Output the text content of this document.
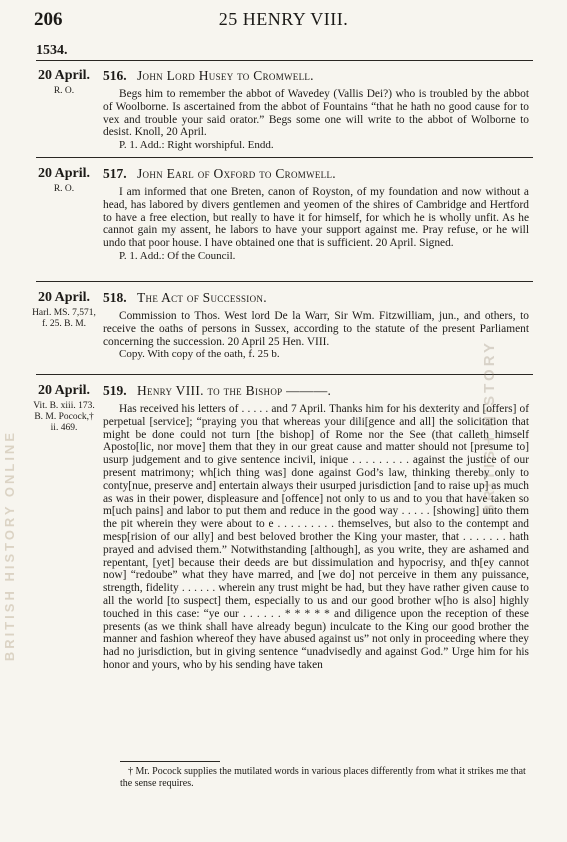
206	25 HENRY VIII.
1534.
20 April.
R. O.
516. John Lord Husey to Cromwell.

Begs him to remember the abbot of Wavedey (Vallis Dei?) who is troubled by the abbot of Woolborne. Is ascertained from the abbot of Fountains “that he hath no good cause for to vex and trouble your said orator.” Begs some one will write to the abbot of Wolborne to desist. Knoll, 20 April.

P. 1. Add.: Right worshipful. Endd.

20 April.
R. O.
517. John Earl of Oxford to Cromwell.

I am informed that one Breten, canon of Royston, of my foundation and now without a head, has labored by divers gentlemen and yeomen of the shires of Cambridge and Hertford to have a free election, but really to have it for himself, for which he is wholly unfit. As he cannot gain my assent, he labors to have your support against me. Pray refuse, or he will undo that poor house. I have obtained one that is sufficient. 20 April. Signed.

P. 1. Add.: Of the Council.

20 April.
Harl. MS. 7,571, f. 25. B. M.
518. The Act of Succession.

Commission to Thos. West lord De la Warr, Sir Wm. Fitzwilliam, jun., and others, to receive the oaths of persons in Sussex, according to the statute of the present Parliament concerning the succession. 20 April 25 Hen. VIII.

Copy. With copy of the oath, f. 25 b.

20 April.
Vit. B. xiii. 173. B. M. Pocock,† ii. 469.
519. Henry VIII. to the Bishop ———.

Has received his letters of . . . . . and 7 April. Thanks him for his dexterity and [offers] of perpetual [service]; “praying you that whereas your dili[gence and all] the solicitation that might be done could not turn [the bishop] of Rome nor the See (that calleth himself Aposto[lic, nor move] them that they in our great cause and matter should not [presume to] usurp judgement and to give sentence incivil, inique . . . . . . . . . against the justice of our present matrimony; wh[ich thing was] done against God’s law, thinking thereby only to conty[nue, preserve and] entertain always their usurped jurisdiction [and to raise up] as much as was in their power, displeasure and [offence] not only to us and to you that have taken so m[uch pains] and labor to put them and reduce in the good way . . . . . [showing] unto them the pit wherein they were about to e . . . . . . . . . themselves, but also to the contempt and mesp[rision of our ally] and best beloved brother the King your master, that . . . . . . . hath prayed and advised them.” Notwithstanding [although], as you write, they are ashamed and repentant, [yet] because their deeds are but dissimulation and hypocrisy, and th[ey cannot now] “redoube” what they have marred, and [we do] not perceive in them any puissance, strength, fidelity . . . . . . wherein any trust might be had, but they have rather given cause to all the world [to suspect] them, especially to us and our good brother w[ho is also] highly touched in this case: “ye our . . . . . . * * * * * and diligence upon the reception of these presents (as we think shall have already begun) inculcate to the King our good brother the manner and fashion whereof they have abused against us” not only in proceeding where they had no jurisdiction, but in giving sentence “unadvisedly and against God.” Urge him for his honor and yours, who by his sending have taken

† Mr. Pocock supplies the mutilated words in various places differently from what it strikes me that the sense requires.
BRITISH HISTORY
BRITISH HISTORY ONLINE
